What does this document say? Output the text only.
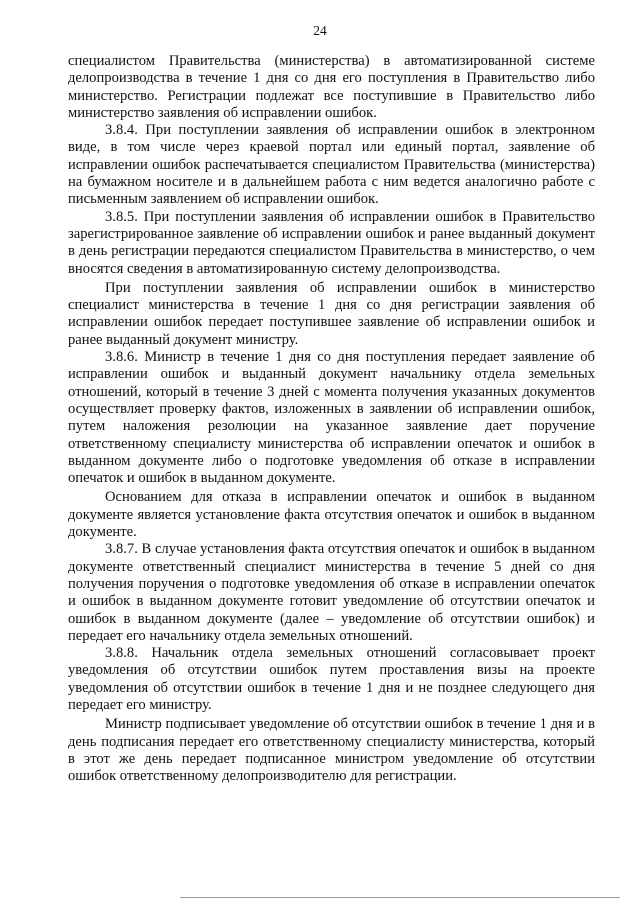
24

специалистом Правительства (министерства) в автоматизированной системе делопроизводства в течение 1 дня со дня его поступления в Правительство либо министерство. Регистрации подлежат все поступившие в Правительство либо министерство заявления об исправлении ошибок.

3.8.4. При поступлении заявления об исправлении ошибок в электронном виде, в том числе через краевой портал или единый портал, заявление об исправлении ошибок распечатывается специалистом Правительства (министерства) на бумажном носителе и в дальнейшем работа с ним ведется аналогично работе с письменным заявлением об исправлении ошибок.

3.8.5. При поступлении заявления об исправлении ошибок в Правительство зарегистрированное заявление об исправлении ошибок и ранее выданный документ в день регистрации передаются специалистом Правительства в министерство, о чем вносятся сведения в автоматизированную систему делопроизводства.

При поступлении заявления об исправлении ошибок в министерство специалист министерства в течение 1 дня со дня регистрации заявления об исправлении ошибок передает поступившее заявление об исправлении ошибок и ранее выданный документ министру.

3.8.6. Министр в течение 1 дня со дня поступления передает заявление об исправлении ошибок и выданный документ начальнику отдела земельных отношений, который в течение 3 дней с момента получения указанных документов осуществляет проверку фактов, изложенных в заявлении об исправлении ошибок, путем наложения резолюции на указанное заявление дает поручение ответственному специалисту министерства об исправлении опечаток и ошибок в выданном документе либо о подготовке уведомления об отказе в исправлении опечаток и ошибок в выданном документе.

Основанием для отказа в исправлении опечаток и ошибок в выданном документе является установление факта отсутствия опечаток и ошибок в выданном документе.

3.8.7. В случае установления факта отсутствия опечаток и ошибок в выданном документе ответственный специалист министерства в течение 5 дней со дня получения поручения о подготовке уведомления об отказе в исправлении опечаток и ошибок в выданном документе готовит уведомление об отсутствии опечаток и ошибок в выданном документе (далее – уведомление об отсутствии ошибок) и передает его начальнику отдела земельных отношений.

3.8.8. Начальник отдела земельных отношений согласовывает проект уведомления об отсутствии ошибок путем проставления визы на проекте уведомления об отсутствии ошибок в течение 1 дня и не позднее следующего дня передает его министру.

Министр подписывает уведомление об отсутствии ошибок в течение 1 дня и в день подписания передает его ответственному специалисту министерства, который в этот же день передает подписанное министром уведомление об отсутствии ошибок ответственному делопроизводителю для регистрации.
